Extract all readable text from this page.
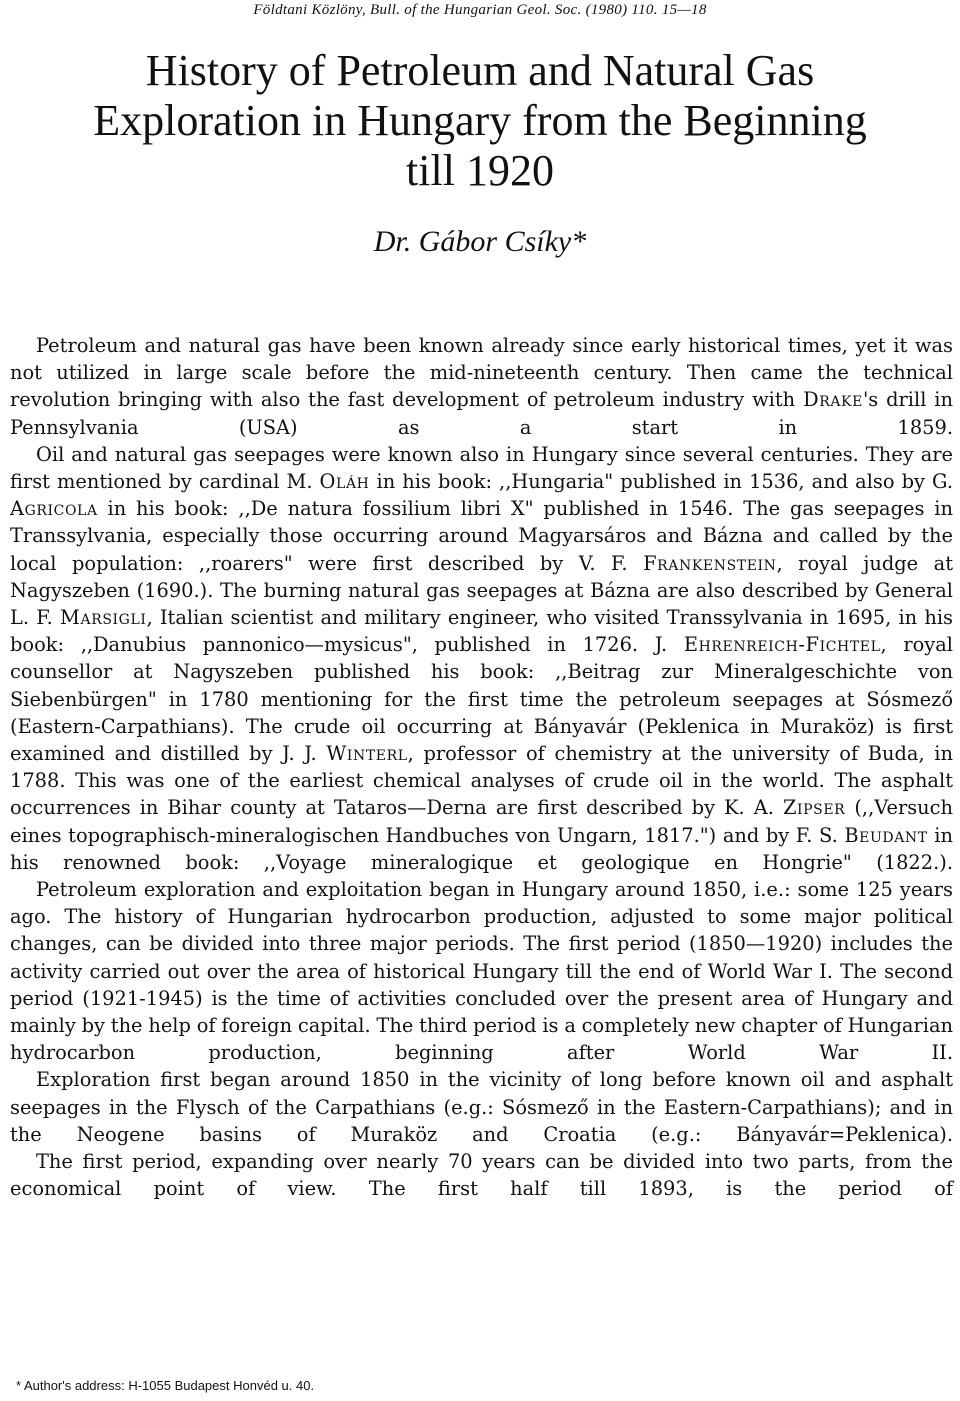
Földtani Közlöny, Bull. of the Hungarian Geol. Soc. (1980) 110. 15—18
History of Petroleum and Natural Gas
Exploration in Hungary from the Beginning
till 1920
Dr. Gábor Csíky*

Petroleum and natural gas have been known already since early historical times, yet it was not utilized in large scale before the mid-nineteenth century. Then came the technical revolution bringing with also the fast development of petroleum industry with Drake's drill in Pennsylvania (USA) as a start in 1859.

Oil and natural gas seepages were known also in Hungary since several centuries. They are first mentioned by cardinal M. Oláh in his book: ,,Hungaria" published in 1536, and also by G. Agricola in his book: ,,De natura fossilium libri X" published in 1546. The gas seepages in Transsylvania, especially those occurring around Magyarsáros and Bázna and called by the local population: ,,roarers" were first described by V. F. Frankenstein, royal judge at Nagyszeben (1690.). The burning natural gas seepages at Bázna are also described by General L. F. Marsigli, Italian scientist and military engineer, who visited Transsylvania in 1695, in his book: ,,Danubius pannonico—mysicus", published in 1726. J. Ehrenreich-Fichtel, royal counsellor at Nagyszeben published his book: ,,Beitrag zur Mineralgeschichte von Siebenbürgen" in 1780 mentioning for the first time the petroleum seepages at Sósmező (Eastern-Carpathians). The crude oil occurring at Bányavár (Peklenica in Muraköz) is first examined and distilled by J. J. Winterl, professor of chemistry at the university of Buda, in 1788. This was one of the earliest chemical analyses of crude oil in the world. The asphalt occurrences in Bihar county at Tataros—Derna are first described by K. A. Zipser (,,Versuch eines topographisch-mineralogischen Handbuches von Ungarn, 1817.") and by F. S. Beudant in his renowned book: ,,Voyage mineralogique et geologique en Hongrie" (1822.).

Petroleum exploration and exploitation began in Hungary around 1850, i.e.: some 125 years ago. The history of Hungarian hydrocarbon production, adjusted to some major political changes, can be divided into three major periods. The first period (1850—1920) includes the activity carried out over the area of historical Hungary till the end of World War I. The second period (1921-1945) is the time of activities concluded over the present area of Hungary and mainly by the help of foreign capital. The third period is a completely new chapter of Hungarian hydrocarbon production, beginning after World War II.

Exploration first began around 1850 in the vicinity of long before known oil and asphalt seepages in the Flysch of the Carpathians (e.g.: Sósmező in the Eastern-Carpathians); and in the Neogene basins of Muraköz and Croatia (e.g.: Bányavár=Peklenica).

The first period, expanding over nearly 70 years can be divided into two parts, from the economical point of view. The first half till 1893, is the period of

* Author's address: H-1055 Budapest Honvéd u. 40.
